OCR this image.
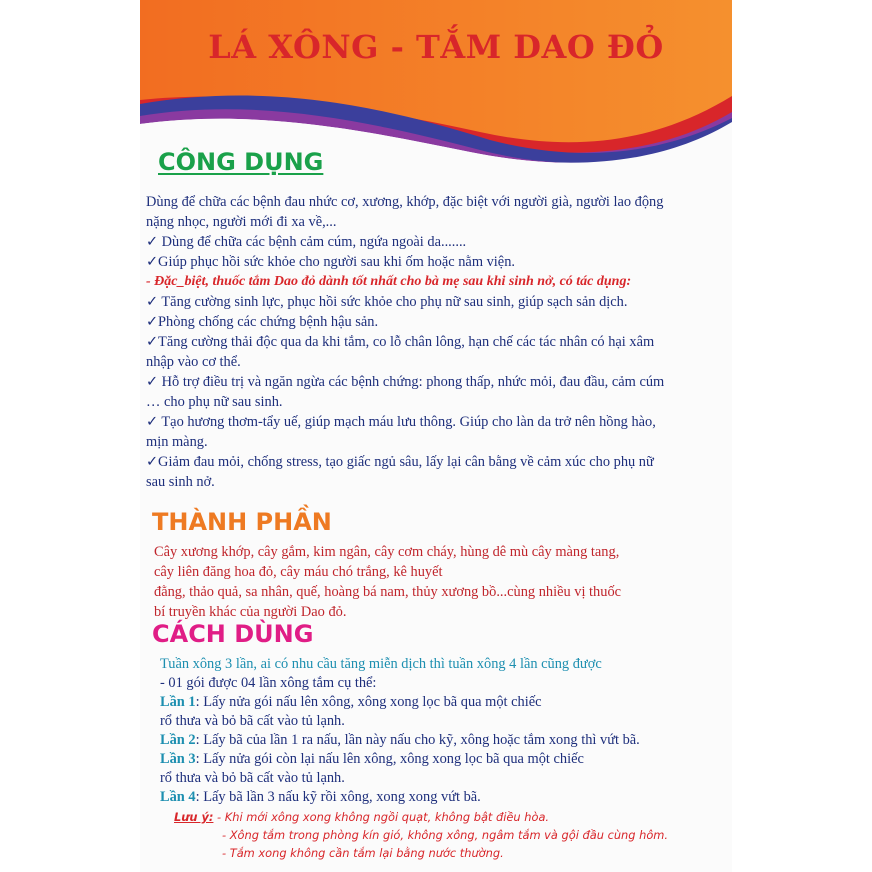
LÁ XÔNG - TẮM DAO ĐỎ
CÔNG DỤNG

Dùng để chữa các bệnh đau nhức cơ, xương, khớp, đặc biệt với người già, người lao động

nặng nhọc, người mới đi xa về,...

✓ Dùng để chữa các bệnh cảm cúm, ngứa ngoài da.......

✓Giúp phục hồi sức khỏe cho người sau khi ốm hoặc nằm viện.

- Đặc_biệt, thuốc tắm Dao đỏ dành tốt nhất cho bà mẹ sau khi sinh nở, có tác dụng:

✓ Tăng cường sinh lực, phục hồi sức khỏe cho phụ nữ sau sinh, giúp sạch sản dịch.

✓Phòng chống các chứng bệnh hậu sản.

✓Tăng cường thải độc qua da khi tắm, co lỗ chân lông, hạn chế các tác nhân có hại xâm

nhập vào cơ thể.

✓ Hỗ trợ điều trị và ngăn ngừa các bệnh chứng: phong thấp, nhức mỏi, đau đầu, cảm cúm

… cho phụ nữ sau sinh.

✓ Tạo hương thơm-tẩy uế, giúp mạch máu lưu thông. Giúp cho làn da trở nên hồng hào,

mịn màng.

✓Giảm đau mỏi, chống stress, tạo giấc ngủ sâu, lấy lại cân bằng về cảm xúc cho phụ nữ

sau sinh nở.

THÀNH PHẦN

Cây xương khớp, cây gắm, kim ngân, cây cơm cháy, hùng dê mù cây màng tang,

cây liên đăng hoa đỏ, cây máu chó trắng, kê huyết

đằng, thảo quả, sa nhân, quế, hoàng bá nam, thủy xương bồ...cùng nhiều vị thuốc

bí truyền khác của người Dao đỏ.

CÁCH DÙNG

Tuần xông 3 lần, ai có nhu cầu tăng miễn dịch thì tuần xông 4 lần cũng được

- 01 gói được 04 lần xông tắm cụ thể:

Lần 1: Lấy nửa gói nấu lên xông, xông xong lọc bã qua một chiếc

rổ thưa và bỏ bã cất vào tủ lạnh.

Lần 2: Lấy bã của lần 1 ra nấu, lần này nấu cho kỹ, xông hoặc tắm xong thì vứt bã.

Lần 3: Lấy nửa gói còn lại nấu lên xông, xông xong lọc bã qua một chiếc

rổ thưa và bỏ bã cất vào tủ lạnh.

Lần 4: Lấy bã lần 3 nấu kỹ rồi xông, xong xong vứt bã.

Lưu ý: - Khi mới xông xong không ngồi quạt, không bật điều hòa.

- Xông tắm trong phòng kín gió, không xông, ngâm tắm và gội đầu cùng hôm.

- Tắm xong không cần tắm lại bằng nước thường.
